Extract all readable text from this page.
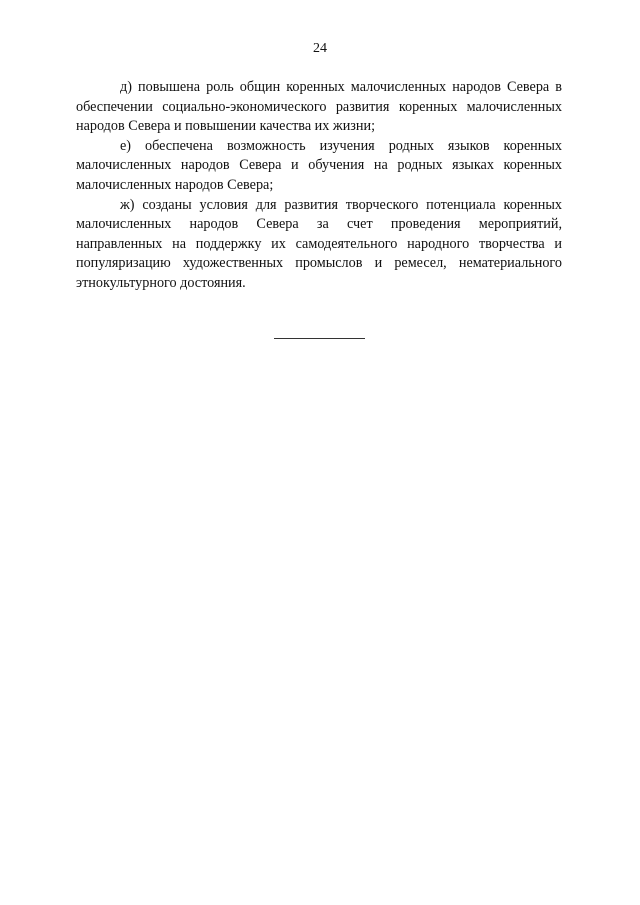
24

д) повышена роль общин коренных малочисленных народов Севера в обеспечении социально-экономического развития коренных малочисленных народов Севера и повышении качества их жизни;

е) обеспечена возможность изучения родных языков коренных малочисленных народов Севера и обучения на родных языках коренных малочисленных народов Севера;

ж) созданы условия для развития творческого потенциала коренных малочисленных народов Севера за счет проведения мероприятий, направленных на поддержку их самодеятельного народного творчества и популяризацию художественных промыслов и ремесел, нематериального этнокультурного достояния.
